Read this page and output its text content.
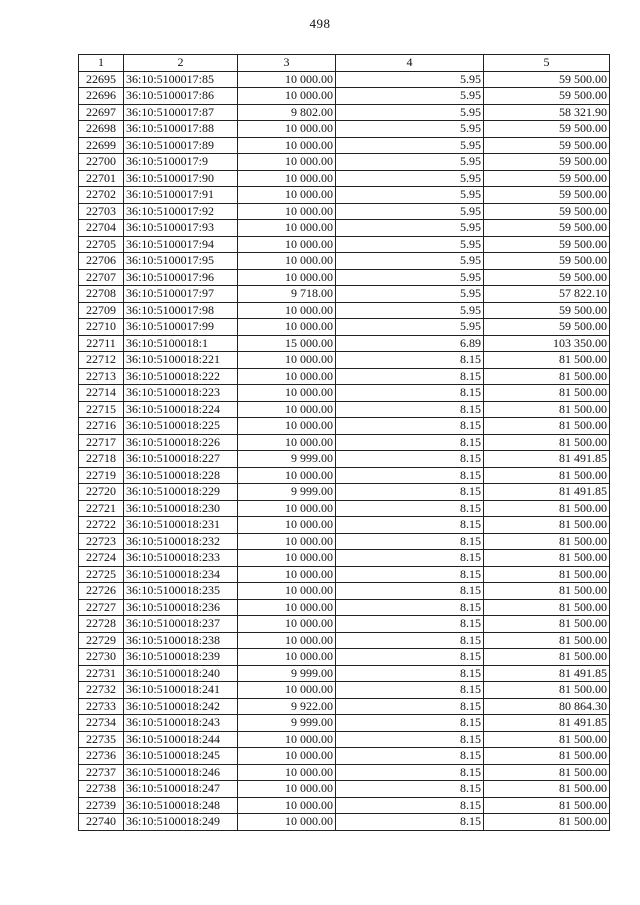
498
1	2	3	4	5
22695	36:10:5100017:85	10 000.00	5.95	59 500.00
22696	36:10:5100017:86	10 000.00	5.95	59 500.00
22697	36:10:5100017:87	9 802.00	5.95	58 321.90
22698	36:10:5100017:88	10 000.00	5.95	59 500.00
22699	36:10:5100017:89	10 000.00	5.95	59 500.00
22700	36:10:5100017:9	10 000.00	5.95	59 500.00
22701	36:10:5100017:90	10 000.00	5.95	59 500.00
22702	36:10:5100017:91	10 000.00	5.95	59 500.00
22703	36:10:5100017:92	10 000.00	5.95	59 500.00
22704	36:10:5100017:93	10 000.00	5.95	59 500.00
22705	36:10:5100017:94	10 000.00	5.95	59 500.00
22706	36:10:5100017:95	10 000.00	5.95	59 500.00
22707	36:10:5100017:96	10 000.00	5.95	59 500.00
22708	36:10:5100017:97	9 718.00	5.95	57 822.10
22709	36:10:5100017:98	10 000.00	5.95	59 500.00
22710	36:10:5100017:99	10 000.00	5.95	59 500.00
22711	36:10:5100018:1	15 000.00	6.89	103 350.00
22712	36:10:5100018:221	10 000.00	8.15	81 500.00
22713	36:10:5100018:222	10 000.00	8.15	81 500.00
22714	36:10:5100018:223	10 000.00	8.15	81 500.00
22715	36:10:5100018:224	10 000.00	8.15	81 500.00
22716	36:10:5100018:225	10 000.00	8.15	81 500.00
22717	36:10:5100018:226	10 000.00	8.15	81 500.00
22718	36:10:5100018:227	9 999.00	8.15	81 491.85
22719	36:10:5100018:228	10 000.00	8.15	81 500.00
22720	36:10:5100018:229	9 999.00	8.15	81 491.85
22721	36:10:5100018:230	10 000.00	8.15	81 500.00
22722	36:10:5100018:231	10 000.00	8.15	81 500.00
22723	36:10:5100018:232	10 000.00	8.15	81 500.00
22724	36:10:5100018:233	10 000.00	8.15	81 500.00
22725	36:10:5100018:234	10 000.00	8.15	81 500.00
22726	36:10:5100018:235	10 000.00	8.15	81 500.00
22727	36:10:5100018:236	10 000.00	8.15	81 500.00
22728	36:10:5100018:237	10 000.00	8.15	81 500.00
22729	36:10:5100018:238	10 000.00	8.15	81 500.00
22730	36:10:5100018:239	10 000.00	8.15	81 500.00
22731	36:10:5100018:240	9 999.00	8.15	81 491.85
22732	36:10:5100018:241	10 000.00	8.15	81 500.00
22733	36:10:5100018:242	9 922.00	8.15	80 864.30
22734	36:10:5100018:243	9 999.00	8.15	81 491.85
22735	36:10:5100018:244	10 000.00	8.15	81 500.00
22736	36:10:5100018:245	10 000.00	8.15	81 500.00
22737	36:10:5100018:246	10 000.00	8.15	81 500.00
22738	36:10:5100018:247	10 000.00	8.15	81 500.00
22739	36:10:5100018:248	10 000.00	8.15	81 500.00
22740	36:10:5100018:249	10 000.00	8.15	81 500.00
